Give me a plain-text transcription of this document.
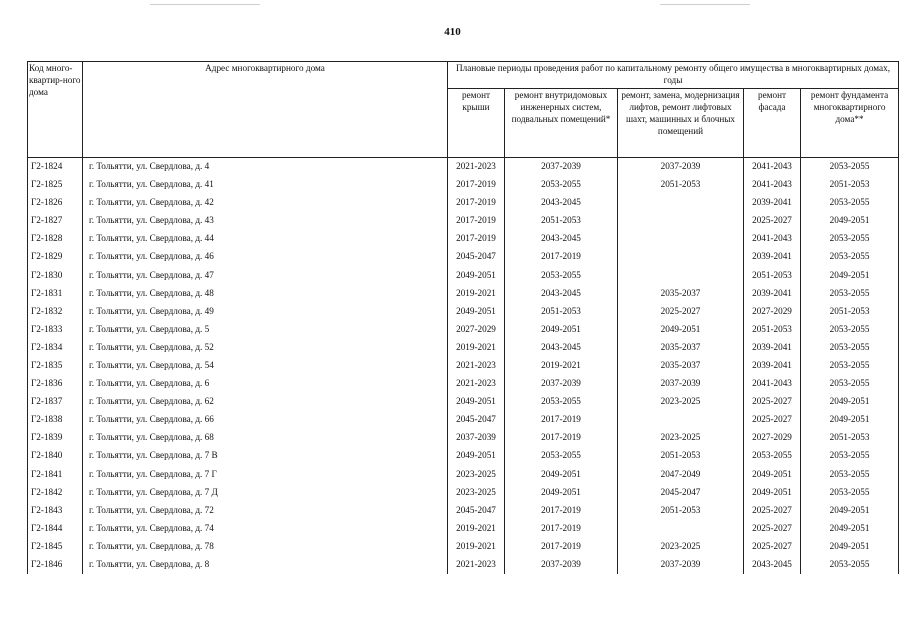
410
Код много-квартир-ного дома	Адрес многоквартирного дома	Плановые периоды проведения работ по капитальному ремонту общего имущества в многоквартирных домах, годы				
		ремонт крыши	ремонт внутридомовых инженерных систем, подвальных помещений*	ремонт, замена, модернизация лифтов, ремонт лифтовых шахт, машинных и блочных помещений	ремонт фасада	ремонт фундамента многоквартирного дома**
Г2-1824	г. Тольятти, ул. Свердлова, д. 4	2021-2023	2037-2039	2037-2039	2041-2043	2053-2055
Г2-1825	г. Тольятти, ул. Свердлова, д. 41	2017-2019	2053-2055	2051-2053	2041-2043	2051-2053
Г2-1826	г. Тольятти, ул. Свердлова, д. 42	2017-2019	2043-2045		2039-2041	2053-2055
Г2-1827	г. Тольятти, ул. Свердлова, д. 43	2017-2019	2051-2053		2025-2027	2049-2051
Г2-1828	г. Тольятти, ул. Свердлова, д. 44	2017-2019	2043-2045		2041-2043	2053-2055
Г2-1829	г. Тольятти, ул. Свердлова, д. 46	2045-2047	2017-2019		2039-2041	2053-2055
Г2-1830	г. Тольятти, ул. Свердлова, д. 47	2049-2051	2053-2055		2051-2053	2049-2051
Г2-1831	г. Тольятти, ул. Свердлова, д. 48	2019-2021	2043-2045	2035-2037	2039-2041	2053-2055
Г2-1832	г. Тольятти, ул. Свердлова, д. 49	2049-2051	2051-2053	2025-2027	2027-2029	2051-2053
Г2-1833	г. Тольятти, ул. Свердлова, д. 5	2027-2029	2049-2051	2049-2051	2051-2053	2053-2055
Г2-1834	г. Тольятти, ул. Свердлова, д. 52	2019-2021	2043-2045	2035-2037	2039-2041	2053-2055
Г2-1835	г. Тольятти, ул. Свердлова, д. 54	2021-2023	2019-2021	2035-2037	2039-2041	2053-2055
Г2-1836	г. Тольятти, ул. Свердлова, д. 6	2021-2023	2037-2039	2037-2039	2041-2043	2053-2055
Г2-1837	г. Тольятти, ул. Свердлова, д. 62	2049-2051	2053-2055	2023-2025	2025-2027	2049-2051
Г2-1838	г. Тольятти, ул. Свердлова, д. 66	2045-2047	2017-2019		2025-2027	2049-2051
Г2-1839	г. Тольятти, ул. Свердлова, д. 68	2037-2039	2017-2019	2023-2025	2027-2029	2051-2053
Г2-1840	г. Тольятти, ул. Свердлова, д. 7 В	2049-2051	2053-2055	2051-2053	2053-2055	2053-2055
Г2-1841	г. Тольятти, ул. Свердлова, д. 7 Г	2023-2025	2049-2051	2047-2049	2049-2051	2053-2055
Г2-1842	г. Тольятти, ул. Свердлова, д. 7 Д	2023-2025	2049-2051	2045-2047	2049-2051	2053-2055
Г2-1843	г. Тольятти, ул. Свердлова, д. 72	2045-2047	2017-2019	2051-2053	2025-2027	2049-2051
Г2-1844	г. Тольятти, ул. Свердлова, д. 74	2019-2021	2017-2019		2025-2027	2049-2051
Г2-1845	г. Тольятти, ул. Свердлова, д. 78	2019-2021	2017-2019	2023-2025	2025-2027	2049-2051
Г2-1846	г. Тольятти, ул. Свердлова, д. 8	2021-2023	2037-2039	2037-2039	2043-2045	2053-2055
